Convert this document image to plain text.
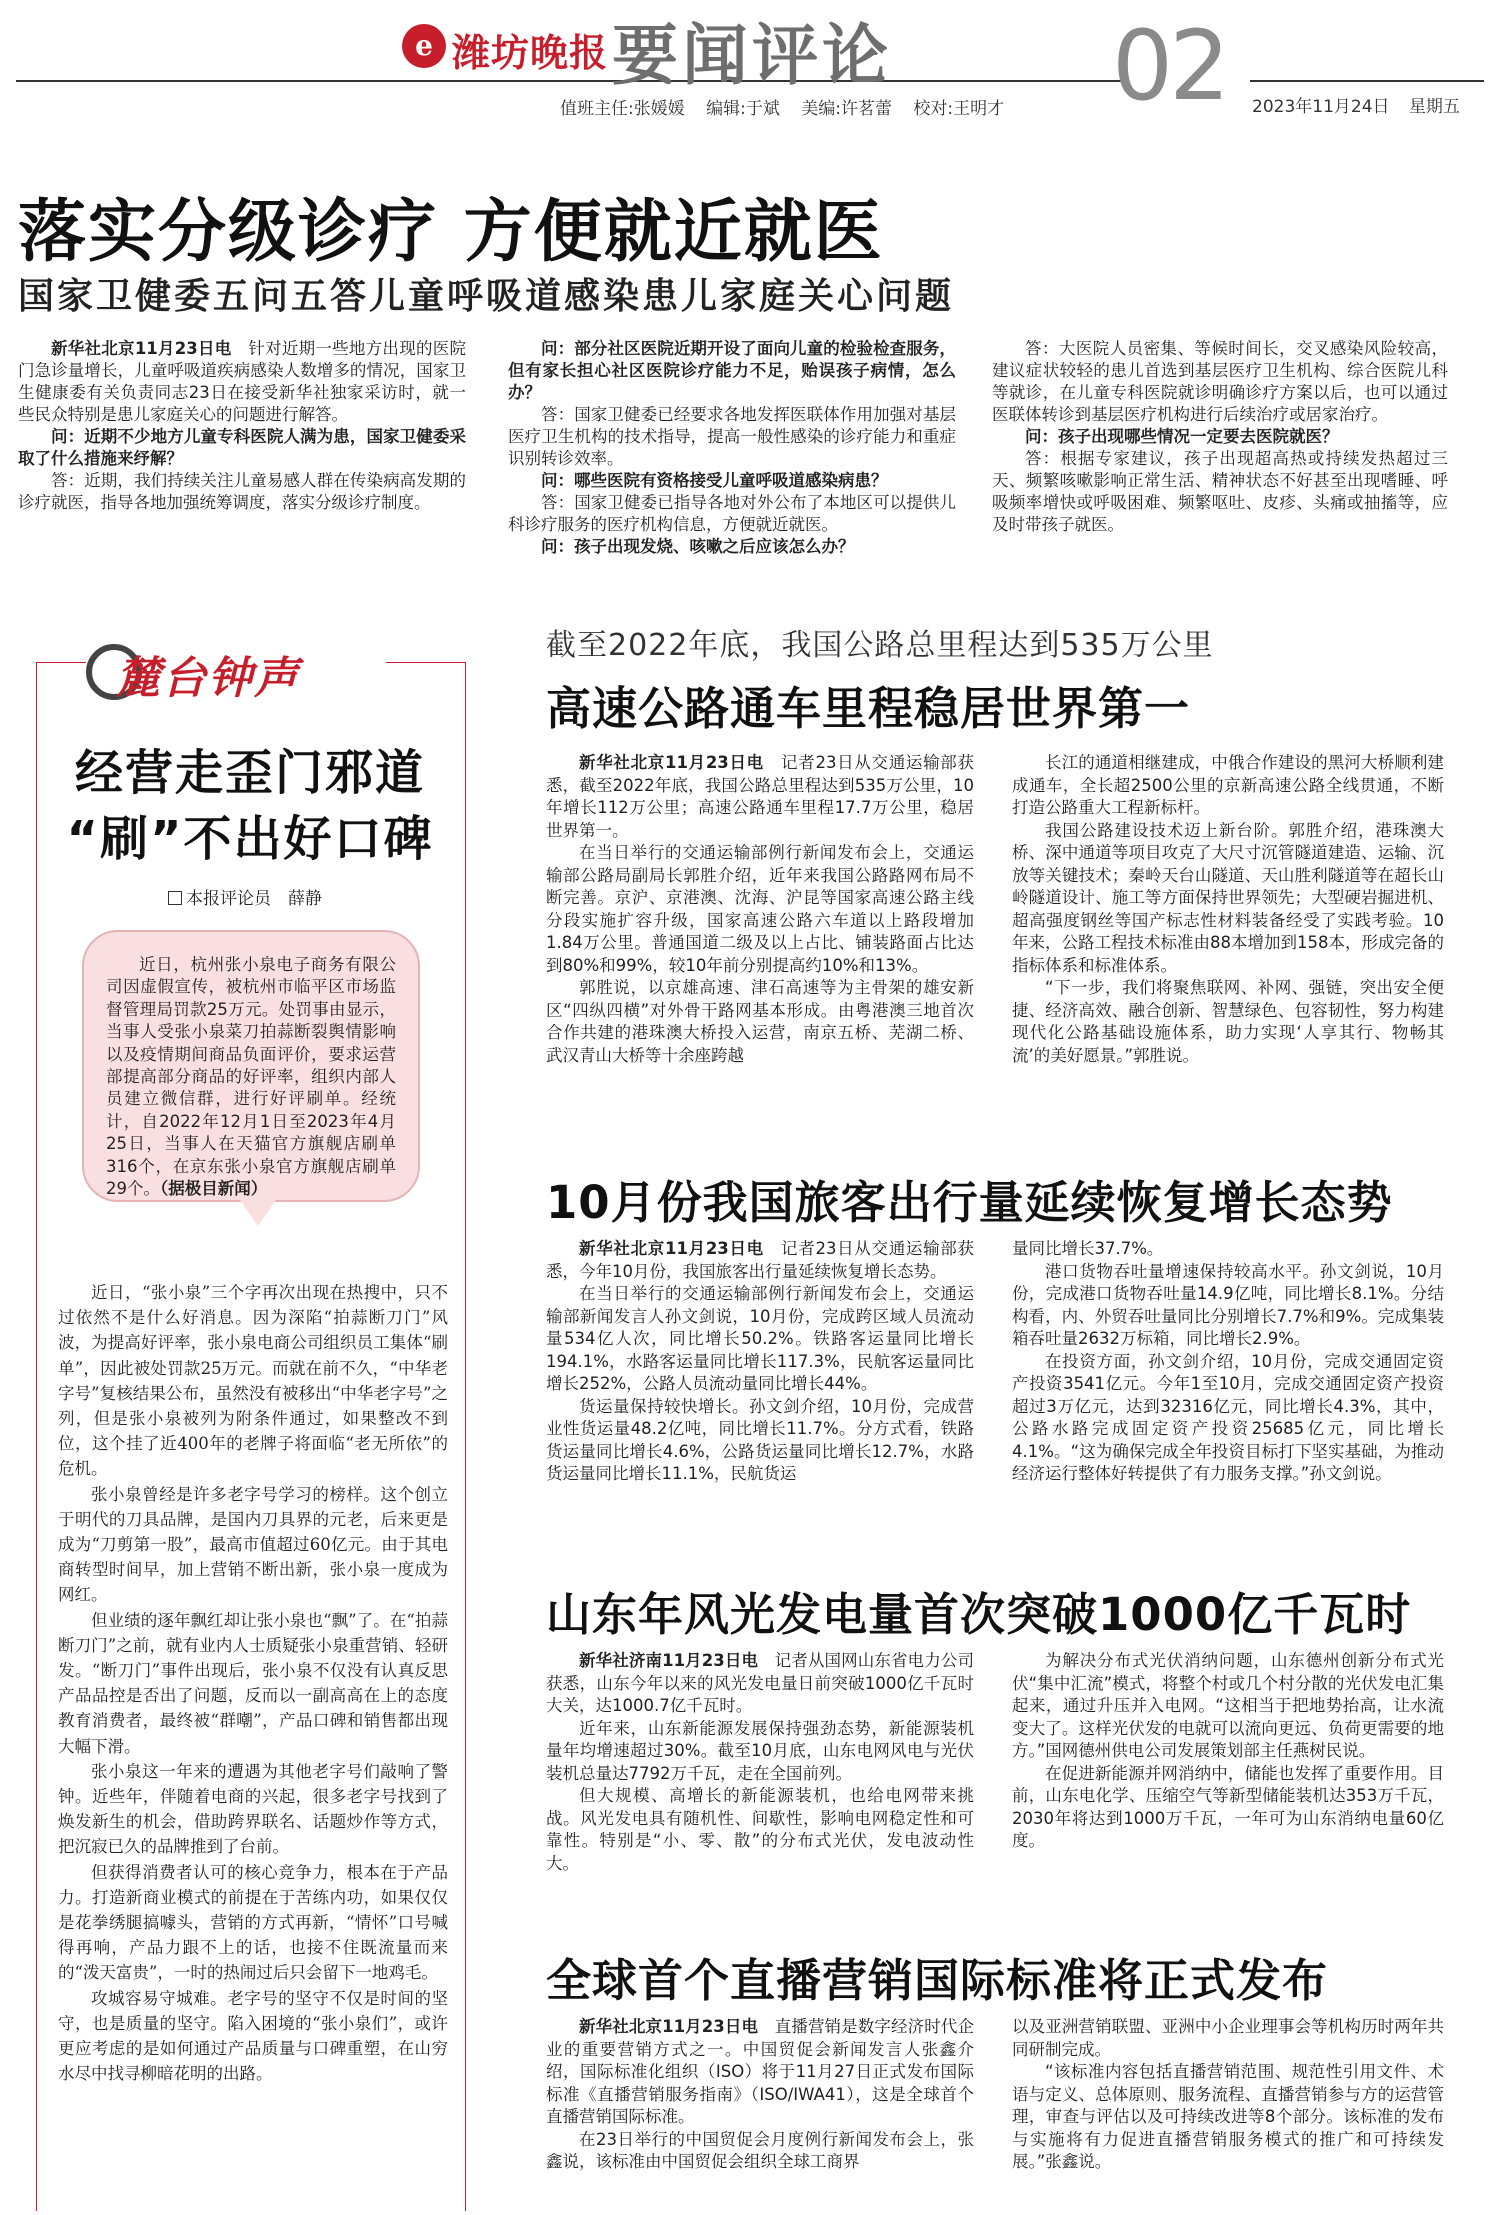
e 潍坊晚报 要闻评论 02
值班主任:张媛媛 编辑:于斌 美编:许茗蕾 校对:王明才	2023年11月24日 星期五
落实分级诊疗 方便就近就医
国家卫健委五问五答儿童呼吸道感染患儿家庭关心问题

新华社北京11月23日电　针对近期一些地方出现的医院门急诊量增长，儿童呼吸道疾病感染人数增多的情况，国家卫生健康委有关负责同志23日在接受新华社独家采访时，就一些民众特别是患儿家庭关心的问题进行解答。

问：近期不少地方儿童专科医院人满为患，国家卫健委采取了什么措施来纾解？

答：近期，我们持续关注儿童易感人群在传染病高发期的诊疗就医，指导各地加强统筹调度，落实分级诊疗制度。

问：部分社区医院近期开设了面向儿童的检验检查服务，但有家长担心社区医院诊疗能力不足，贻误孩子病情，怎么办？

答：国家卫健委已经要求各地发挥医联体作用加强对基层医疗卫生机构的技术指导，提高一般性感染的诊疗能力和重症识别转诊效率。

问：哪些医院有资格接受儿童呼吸道感染病患？

答：国家卫健委已指导各地对外公布了本地区可以提供儿科诊疗服务的医疗机构信息，方便就近就医。

问：孩子出现发烧、咳嗽之后应该怎么办？

答：大医院人员密集、等候时间长，交叉感染风险较高，建议症状较轻的患儿首选到基层医疗卫生机构、综合医院儿科等就诊，在儿童专科医院就诊明确诊疗方案以后，也可以通过医联体转诊到基层医疗机构进行后续治疗或居家治疗。

问：孩子出现哪些情况一定要去医院就医？

答：根据专家建议，孩子出现超高热或持续发热超过三天、频繁咳嗽影响正常生活、精神状态不好甚至出现嗜睡、呼吸频率增快或呼吸困难、频繁呕吐、皮疹、头痛或抽搐等，应及时带孩子就医。

麓台钟声
经营走歪门邪道
“刷”不出好口碑
本报评论员　薛静

近日，杭州张小泉电子商务有限公司因虚假宣传，被杭州市临平区市场监督管理局罚款25万元。处罚事由显示，当事人受张小泉菜刀拍蒜断裂舆情影响以及疫情期间商品负面评价，要求运营部提高部分商品的好评率，组织内部人员建立微信群，进行好评刷单。经统计，自2022年12月1日至2023年4月25日，当事人在天猫官方旗舰店刷单316个，在京东张小泉官方旗舰店刷单29个。（据极目新闻）

近日，“张小泉”三个字再次出现在热搜中，只不过依然不是什么好消息。因为深陷“拍蒜断刀门”风波，为提高好评率，张小泉电商公司组织员工集体“刷单”，因此被处罚款25万元。而就在前不久，“中华老字号”复核结果公布，虽然没有被移出“中华老字号”之列，但是张小泉被列为附条件通过，如果整改不到位，这个挂了近400年的老牌子将面临“老无所依”的危机。

张小泉曾经是许多老字号学习的榜样。这个创立于明代的刀具品牌，是国内刀具界的元老，后来更是成为“刀剪第一股”，最高市值超过60亿元。由于其电商转型时间早，加上营销不断出新，张小泉一度成为网红。

但业绩的逐年飘红却让张小泉也“飘”了。在“拍蒜断刀门”之前，就有业内人士质疑张小泉重营销、轻研发。“断刀门”事件出现后，张小泉不仅没有认真反思产品品控是否出了问题，反而以一副高高在上的态度教育消费者，最终被“群嘲”，产品口碑和销售都出现大幅下滑。

张小泉这一年来的遭遇为其他老字号们敲响了警钟。近些年，伴随着电商的兴起，很多老字号找到了焕发新生的机会，借助跨界联名、话题炒作等方式，把沉寂已久的品牌推到了台前。

但获得消费者认可的核心竞争力，根本在于产品力。打造新商业模式的前提在于苦练内功，如果仅仅是花拳绣腿搞噱头，营销的方式再新，“情怀”口号喊得再响，产品力跟不上的话，也接不住既流量而来的“泼天富贵”，一时的热闹过后只会留下一地鸡毛。

攻城容易守城难。老字号的坚守不仅是时间的坚守，也是质量的坚守。陷入困境的“张小泉们”，或许更应考虑的是如何通过产品质量与口碑重塑，在山穷水尽中找寻柳暗花明的出路。

截至2022年底，我国公路总里程达到535万公里
高速公路通车里程稳居世界第一

新华社北京11月23日电　记者23日从交通运输部获悉，截至2022年底，我国公路总里程达到535万公里，10年增长112万公里；高速公路通车里程17.7万公里，稳居世界第一。

在当日举行的交通运输部例行新闻发布会上，交通运输部公路局副局长郭胜介绍，近年来我国公路路网布局不断完善。京沪、京港澳、沈海、沪昆等国家高速公路主线分段实施扩容升级，国家高速公路六车道以上路段增加1.84万公里。普通国道二级及以上占比、铺装路面占比达到80%和99%，较10年前分别提高约10%和13%。

郭胜说，以京雄高速、津石高速等为主骨架的雄安新区“四纵四横”对外骨干路网基本形成。由粤港澳三地首次合作共建的港珠澳大桥投入运营，南京五桥、芜湖二桥、武汉青山大桥等十余座跨越

长江的通道相继建成，中俄合作建设的黑河大桥顺利建成通车，全长超2500公里的京新高速公路全线贯通，不断打造公路重大工程新标杆。

我国公路建设技术迈上新台阶。郭胜介绍，港珠澳大桥、深中通道等项目攻克了大尺寸沉管隧道建造、运输、沉放等关键技术；秦岭天台山隧道、天山胜利隧道等在超长山岭隧道设计、施工等方面保持世界领先；大型硬岩掘进机、超高强度钢丝等国产标志性材料装备经受了实践考验。10年来，公路工程技术标准由88本增加到158本，形成完备的指标体系和标准体系。

“下一步，我们将聚焦联网、补网、强链，突出安全便捷、经济高效、融合创新、智慧绿色、包容韧性，努力构建现代化公路基础设施体系，助力实现‘人享其行、物畅其流’的美好愿景。”郭胜说。

10月份我国旅客出行量延续恢复增长态势

新华社北京11月23日电　记者23日从交通运输部获悉，今年10月份，我国旅客出行量延续恢复增长态势。

在当日举行的交通运输部例行新闻发布会上，交通运输部新闻发言人孙文剑说，10月份，完成跨区域人员流动量534亿人次，同比增长50.2%。铁路客运量同比增长194.1%，水路客运量同比增长117.3%，民航客运量同比增长252%，公路人员流动量同比增长44%。

货运量保持较快增长。孙文剑介绍，10月份，完成营业性货运量48.2亿吨，同比增长11.7%。分方式看，铁路货运量同比增长4.6%，公路货运量同比增长12.7%，水路货运量同比增长11.1%，民航货运

量同比增长37.7%。

港口货物吞吐量增速保持较高水平。孙文剑说，10月份，完成港口货物吞吐量14.9亿吨，同比增长8.1%。分结构看，内、外贸吞吐量同比分别增长7.7%和9%。完成集装箱吞吐量2632万标箱，同比增长2.9%。

在投资方面，孙文剑介绍，10月份，完成交通固定资产投资3541亿元。今年1至10月，完成交通固定资产投资超过3万亿元，达到32316亿元，同比增长4.3%，其中，公路水路完成固定资产投资25685亿元，同比增长4.1%。“这为确保完成全年投资目标打下坚实基础，为推动经济运行整体好转提供了有力服务支撑。”孙文剑说。

山东年风光发电量首次突破1000亿千瓦时

新华社济南11月23日电　记者从国网山东省电力公司获悉，山东今年以来的风光发电量日前突破1000亿千瓦时大关，达1000.7亿千瓦时。

近年来，山东新能源发展保持强劲态势，新能源装机量年均增速超过30%。截至10月底，山东电网风电与光伏装机总量达7792万千瓦，走在全国前列。

但大规模、高增长的新能源装机，也给电网带来挑战。风光发电具有随机性、间歇性，影响电网稳定性和可靠性。特别是“小、零、散”的分布式光伏，发电波动性大。

为解决分布式光伏消纳问题，山东德州创新分布式光伏“集中汇流”模式，将整个村或几个村分散的光伏发电汇集起来，通过升压并入电网。“这相当于把地势抬高，让水流变大了。这样光伏发的电就可以流向更远、负荷更需要的地方。”国网德州供电公司发展策划部主任燕树民说。

在促进新能源并网消纳中，储能也发挥了重要作用。目前，山东电化学、压缩空气等新型储能装机达353万千瓦，2030年将达到1000万千瓦，一年可为山东消纳电量60亿度。

全球首个直播营销国际标准将正式发布

新华社北京11月23日电　直播营销是数字经济时代企业的重要营销方式之一。中国贸促会新闻发言人张鑫介绍，国际标准化组织（ISO）将于11月27日正式发布国际标准《直播营销服务指南》（ISO/IWA41），这是全球首个直播营销国际标准。

在23日举行的中国贸促会月度例行新闻发布会上，张鑫说，该标准由中国贸促会组织全球工商界

以及亚洲营销联盟、亚洲中小企业理事会等机构历时两年共同研制完成。

“该标准内容包括直播营销范围、规范性引用文件、术语与定义、总体原则、服务流程、直播营销参与方的运营管理，审查与评估以及可持续改进等8个部分。该标准的发布与实施将有力促进直播营销服务模式的推广和可持续发展。”张鑫说。
